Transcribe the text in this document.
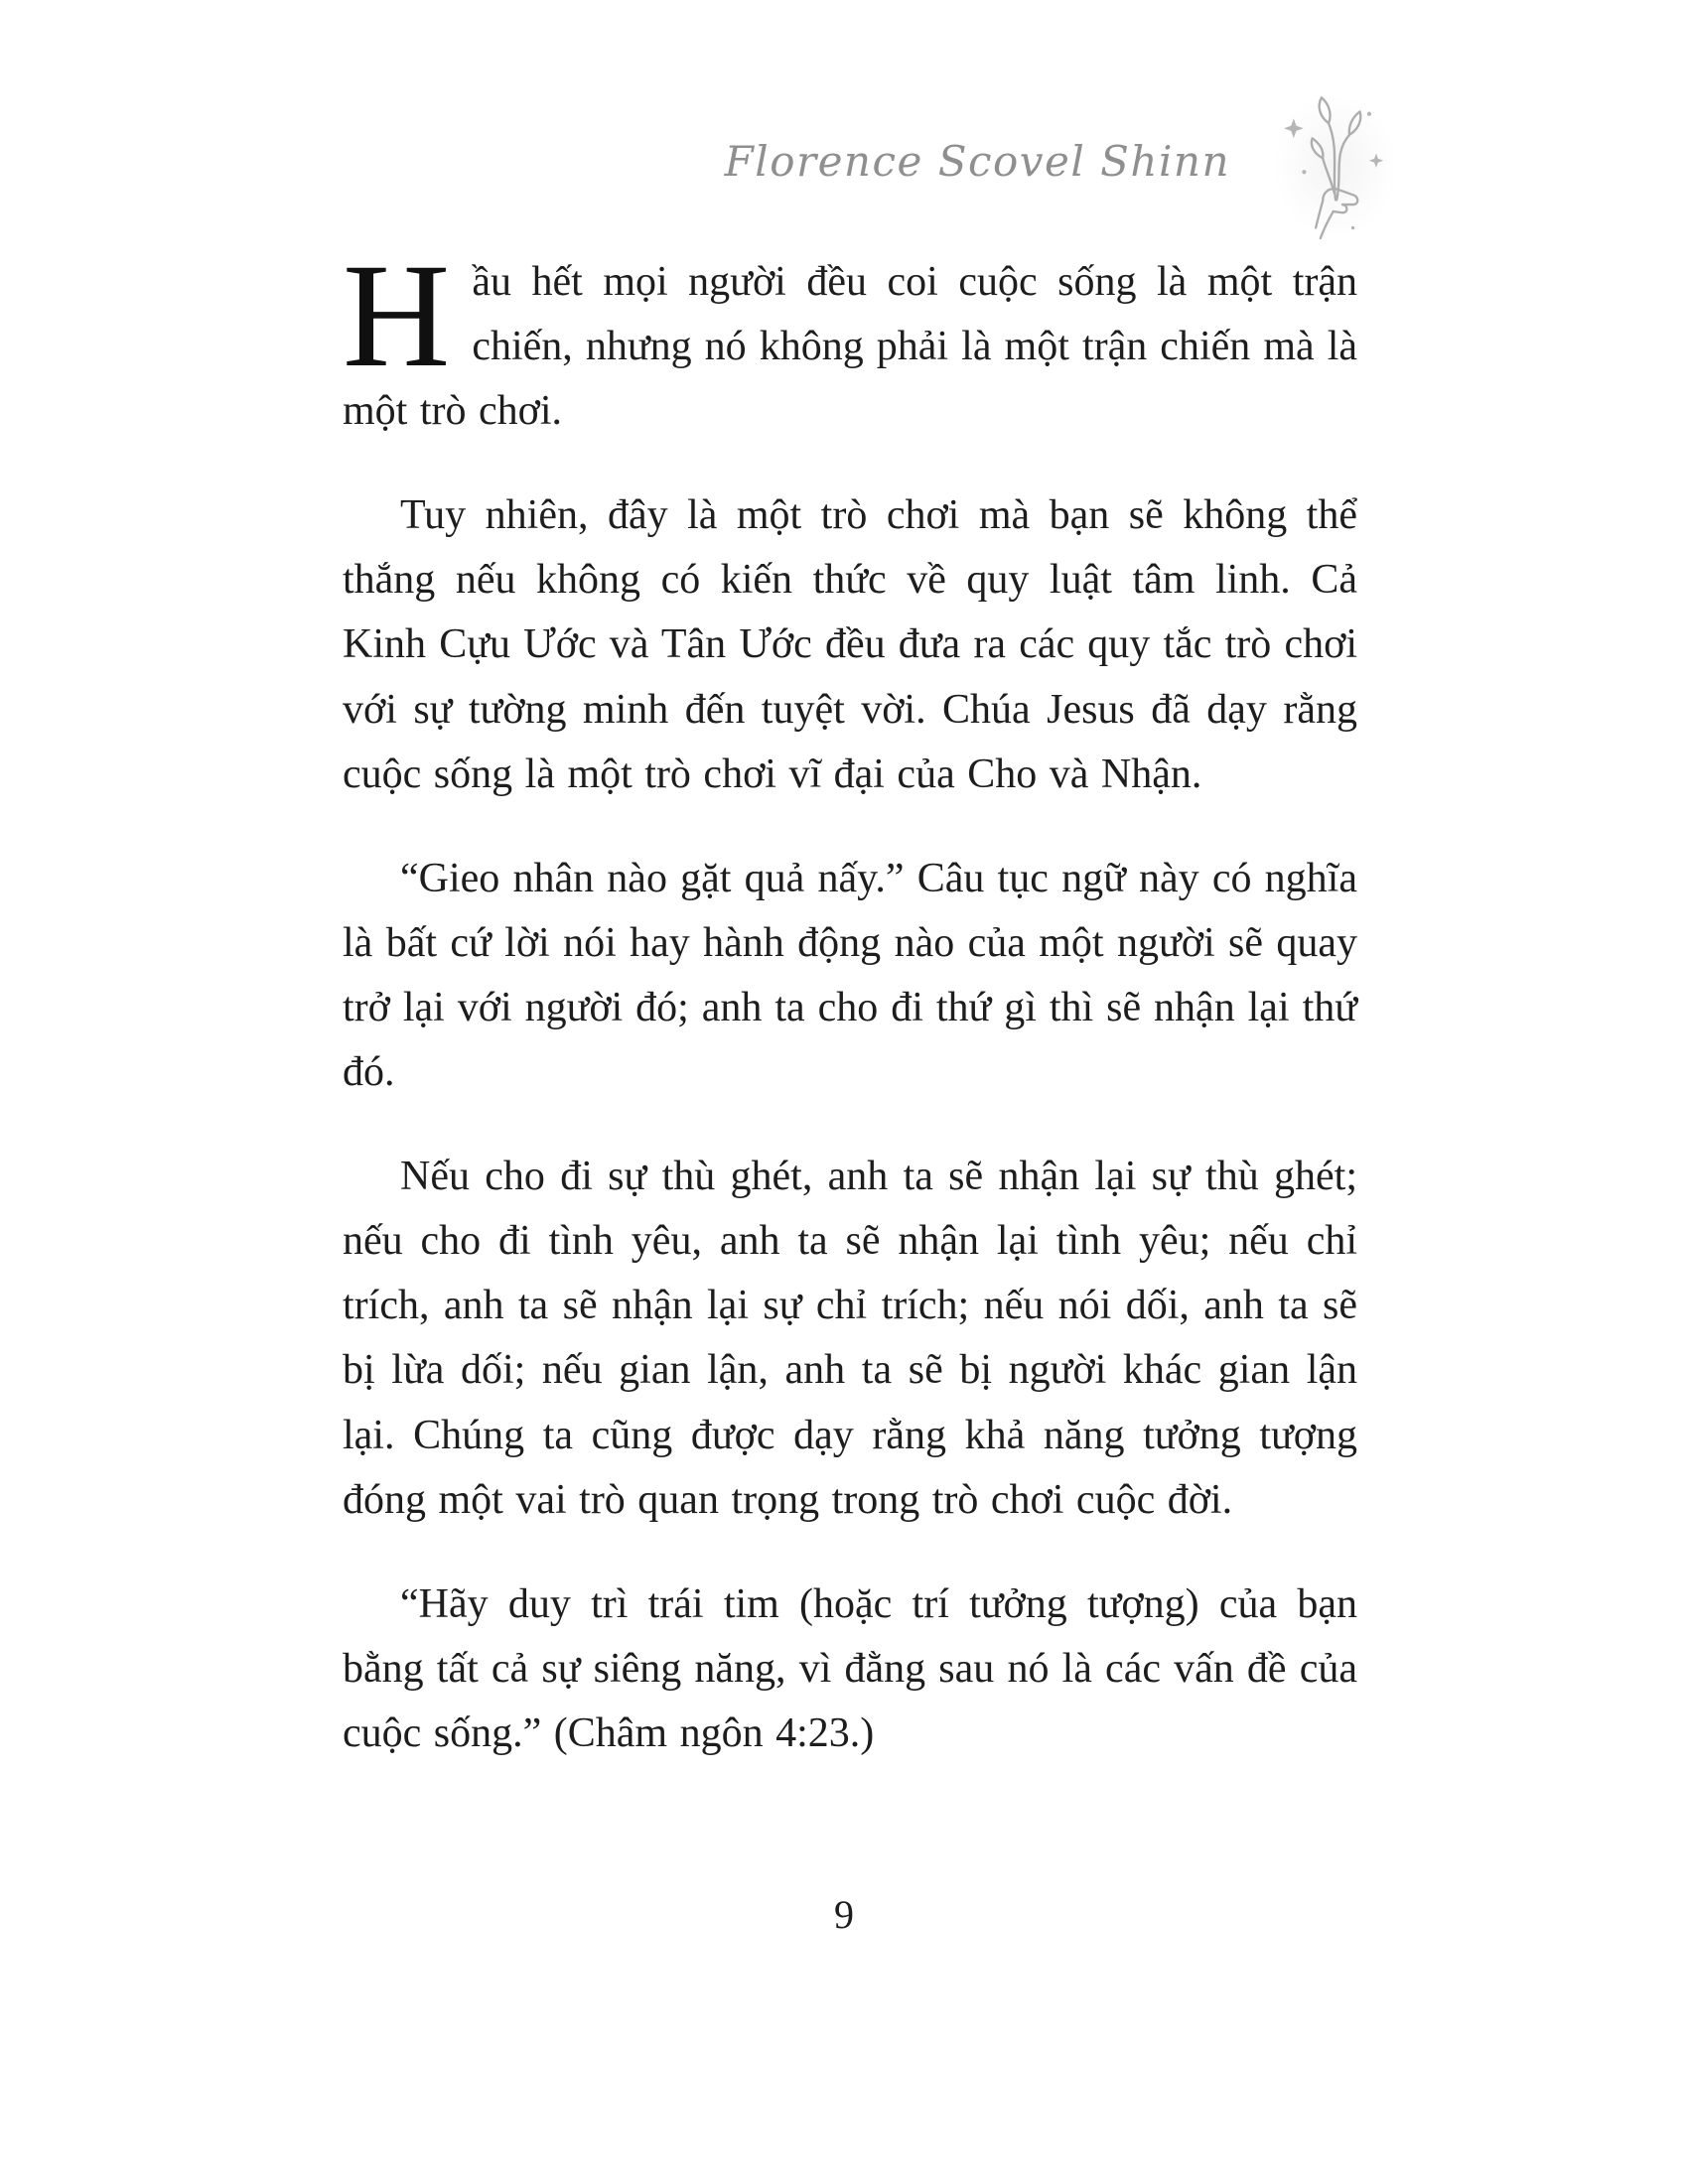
Florence Scovel Shinn

Hầu hết mọi người đều coi cuộc sống là một trận chiến, nhưng nó không phải là một trận chiến mà là một trò chơi.

Tuy nhiên, đây là một trò chơi mà bạn sẽ không thể thắng nếu không có kiến thức về quy luật tâm linh. Cả Kinh Cựu Ước và Tân Ước đều đưa ra các quy tắc trò chơi với sự tường minh đến tuyệt vời. Chúa Jesus đã dạy rằng cuộc sống là một trò chơi vĩ đại của Cho và Nhận.

“Gieo nhân nào gặt quả nấy.” Câu tục ngữ này có nghĩa là bất cứ lời nói hay hành động nào của một người sẽ quay trở lại với người đó; anh ta cho đi thứ gì thì sẽ nhận lại thứ đó.

Nếu cho đi sự thù ghét, anh ta sẽ nhận lại sự thù ghét; nếu cho đi tình yêu, anh ta sẽ nhận lại tình yêu; nếu chỉ trích, anh ta sẽ nhận lại sự chỉ trích; nếu nói dối, anh ta sẽ bị lừa dối; nếu gian lận, anh ta sẽ bị người khác gian lận lại. Chúng ta cũng được dạy rằng khả năng tưởng tượng đóng một vai trò quan trọng trong trò chơi cuộc đời.

“Hãy duy trì trái tim (hoặc trí tưởng tượng) của bạn bằng tất cả sự siêng năng, vì đằng sau nó là các vấn đề của cuộc sống.” (Châm ngôn 4:23.)

9
